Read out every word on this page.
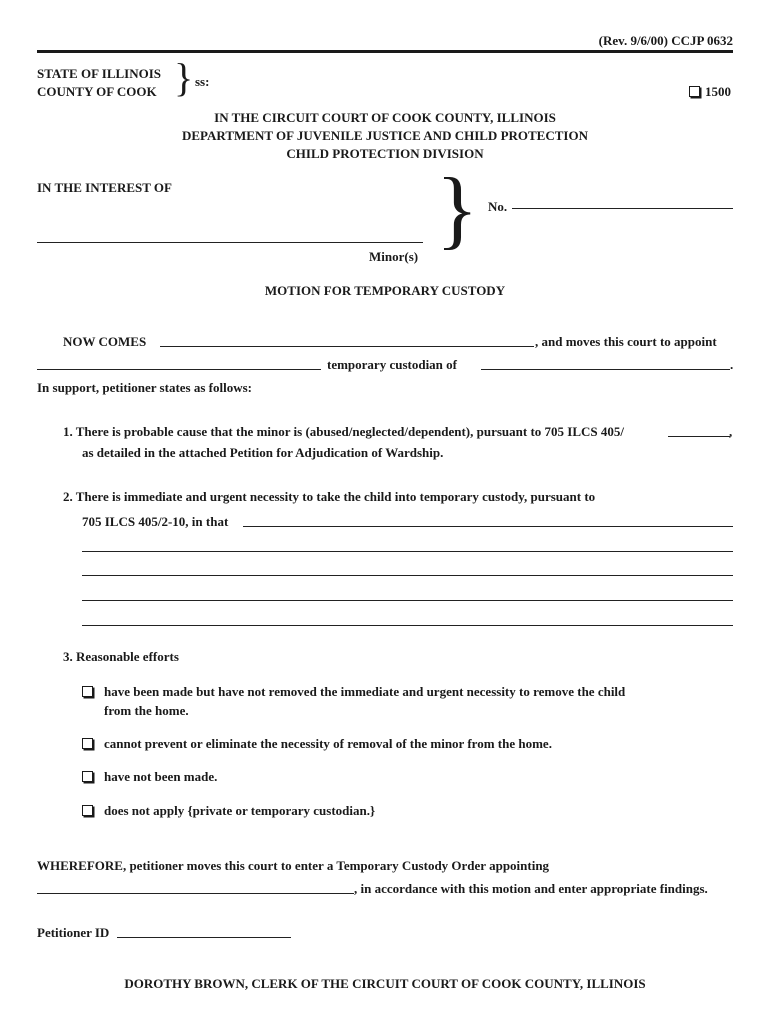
(Rev. 9/6/00) CCJP 0632
STATE OF ILLINOIS
COUNTY OF COOK } ss:
1500
IN THE CIRCUIT COURT OF COOK COUNTY, ILLINOIS
DEPARTMENT OF JUVENILE JUSTICE AND CHILD PROTECTION
CHILD PROTECTION DIVISION
IN THE INTEREST OF	} No.
Minor(s)
MOTION FOR TEMPORARY CUSTODY
NOW COMES	, and moves this court to appoint
temporary custodian of	.
In support, petitioner states as follows:
1. There is probable cause that the minor is (abused/neglected/dependent), pursuant to 705 ILCS 405/	,
as detailed in the attached Petition for Adjudication of Wardship.
2. There is immediate and urgent necessity to take the child into temporary custody, pursuant to
705 ILCS 405/2-10, in that
3. Reasonable efforts
have been made but have not removed the immediate and urgent necessity to remove the child
from the home.
cannot prevent or eliminate the necessity of removal of the minor from the home.
have not been made.
does not apply {private or temporary custodian.}
WHEREFORE, petitioner moves this court to enter a Temporary Custody Order appointing
, in accordance with this motion and enter appropriate findings.
Petitioner ID
DOROTHY BROWN, CLERK OF THE CIRCUIT COURT OF COOK COUNTY, ILLINOIS
